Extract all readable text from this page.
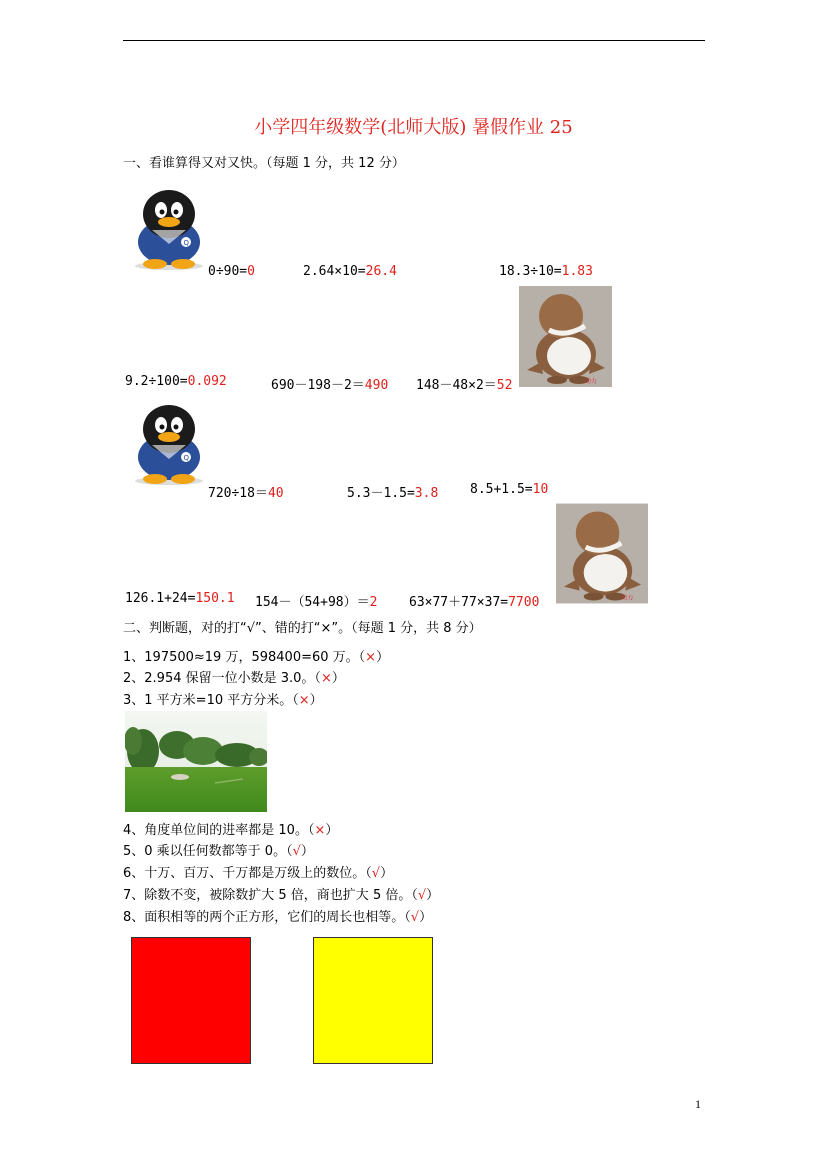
小学四年级数学(北师大版) 暑假作业 25
一、看谁算得又对又快。（每题 1 分，共 12 分）
Q
0÷90=0	2.64×10=26.4	18.3÷10=1.83
动力
9.2÷100=0.092	690－198－2＝490 148－48×2＝52
Q
720÷18＝40	5.3－1.5=3.8 8.5+1.5=10
动力
126.1+24=150.1 154－（54+98）＝2 63×77＋77×37=7700
二、判断题，对的打“√”、错的打“×”。（每题 1 分，共 8 分）
1、197500≈19 万，598400=60 万。（×）
2、2.954 保留一位小数是 3.0。（×）
3、1 平方米=10 平方分米。（×）
4、角度单位间的进率都是 10。（×）
5、0 乘以任何数都等于 0。（√）
6、十万、百万、千万都是万级上的数位。（√）
7、除数不变，被除数扩大 5 倍，商也扩大 5 倍。（√）
8、面积相等的两个正方形，它们的周长也相等。（√）
1
